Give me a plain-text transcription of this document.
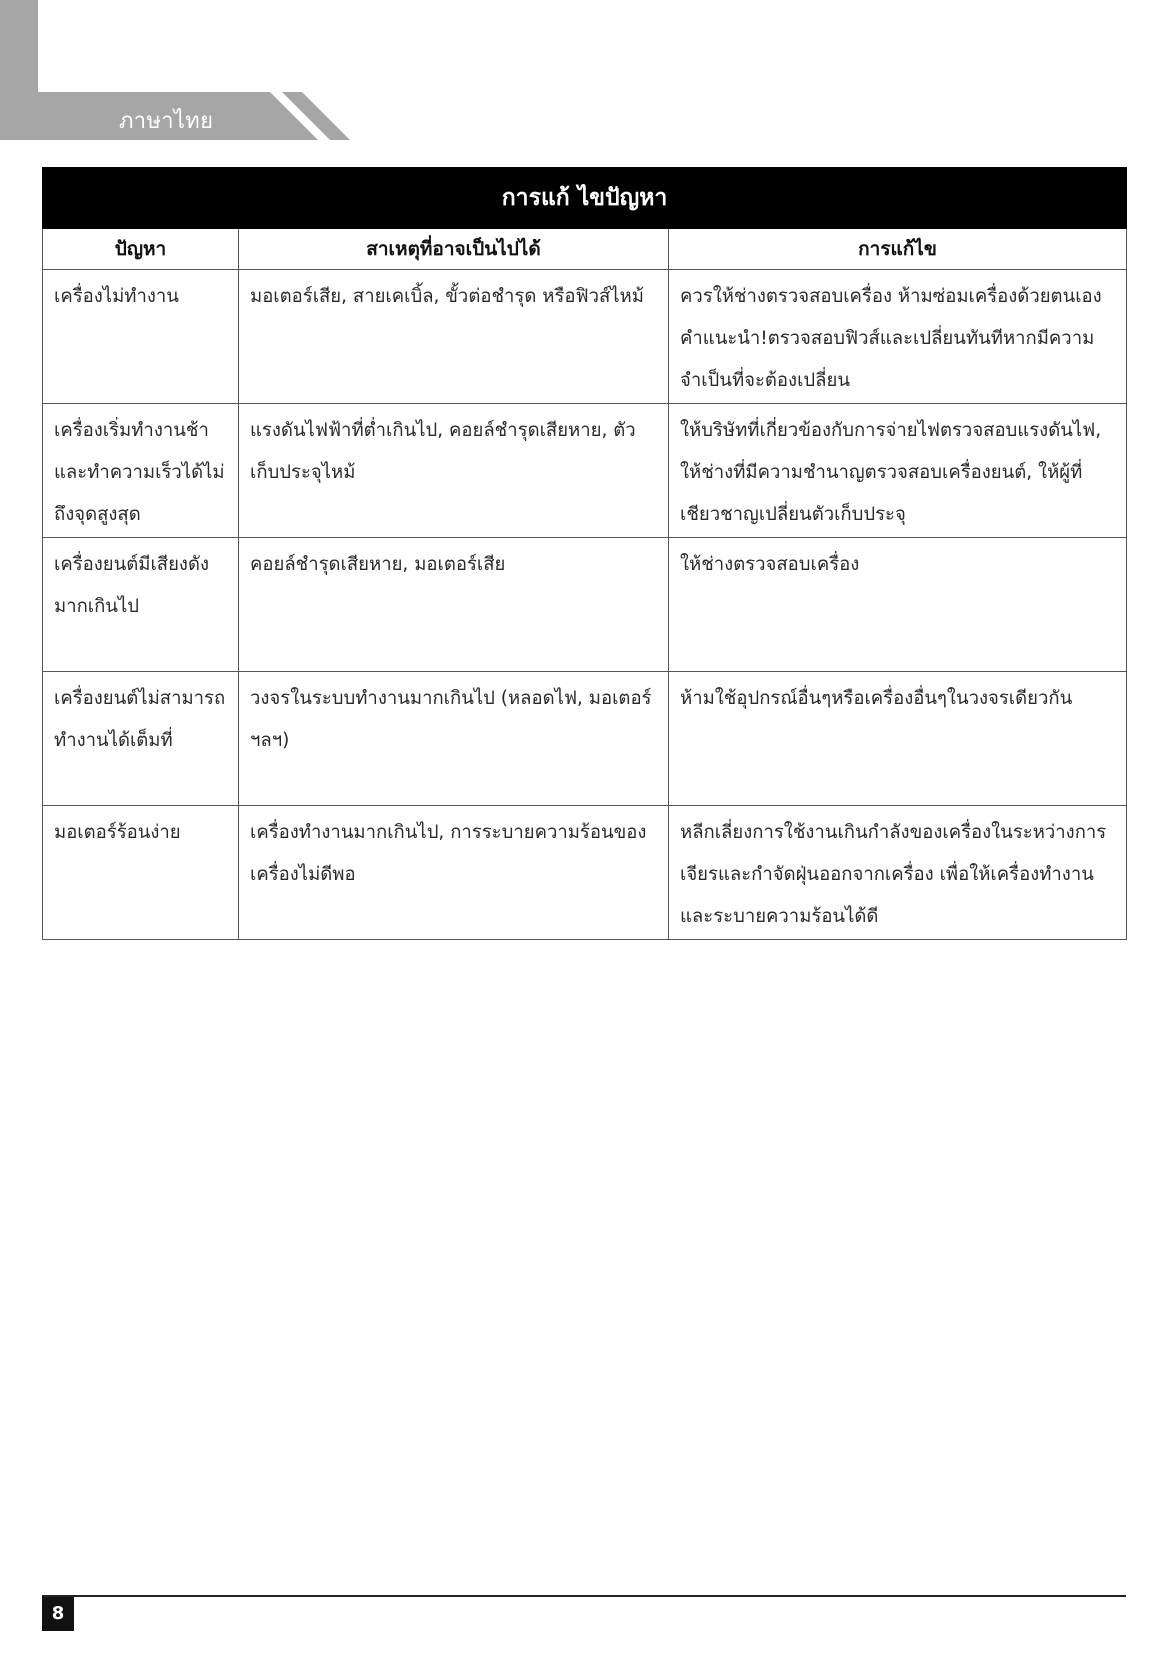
ภาษาไทย
การแก้ ไขปัญหา		
ปัญหา	สาเหตุที่อาจเป็นไปได้	การแก้ไข
เครื่องไม่ทำงาน	มอเตอร์เสีย, สายเคเบิ้ล, ขั้วต่อชำรุด หรือฟิวส์ไหม้	ควรให้ช่างตรวจสอบเครื่อง ห้ามซ่อมเครื่องด้วยตนเอง คำแนะนำ!ตรวจสอบฟิวส์และเปลี่ยนทันทีหากมีความจำเป็นที่จะต้องเปลี่ยน
เครื่องเริ่มทำงานช้าและทำความเร็วได้ไม่ถึงจุดสูงสุด	แรงดันไฟฟ้าที่ต่ำเกินไป, คอยล์ชำรุดเสียหาย, ตัวเก็บประจุไหม้	ให้บริษัทที่เกี่ยวข้องกับการจ่ายไฟตรวจสอบแรงดันไฟ, ให้ช่างที่มีความชำนาญตรวจสอบเครื่องยนต์, ให้ผู้ที่เชียวชาญเปลี่ยนตัวเก็บประจุ
เครื่องยนต์มีเสียงดังมากเกินไป	คอยล์ชำรุดเสียหาย, มอเตอร์เสีย	ให้ช่างตรวจสอบเครื่อง
เครื่องยนต์ไม่สามารถทำงานได้เต็มที่	วงจรในระบบทำงานมากเกินไป (หลอดไฟ, มอเตอร์ ฯลฯ)	ห้ามใช้อุปกรณ์อื่นๆหรือเครื่องอื่นๆในวงจรเดียวกัน
มอเตอร์ร้อนง่าย	เครื่องทำงานมากเกินไป, การระบายความร้อนของเครื่องไม่ดีพอ	หลีกเลี่ยงการใช้งานเกินกำลังของเครื่องในระหว่างการเจียรและกำจัดฝุ่นออกจากเครื่อง เพื่อให้เครื่องทำงานและระบายความร้อนได้ดี
8
